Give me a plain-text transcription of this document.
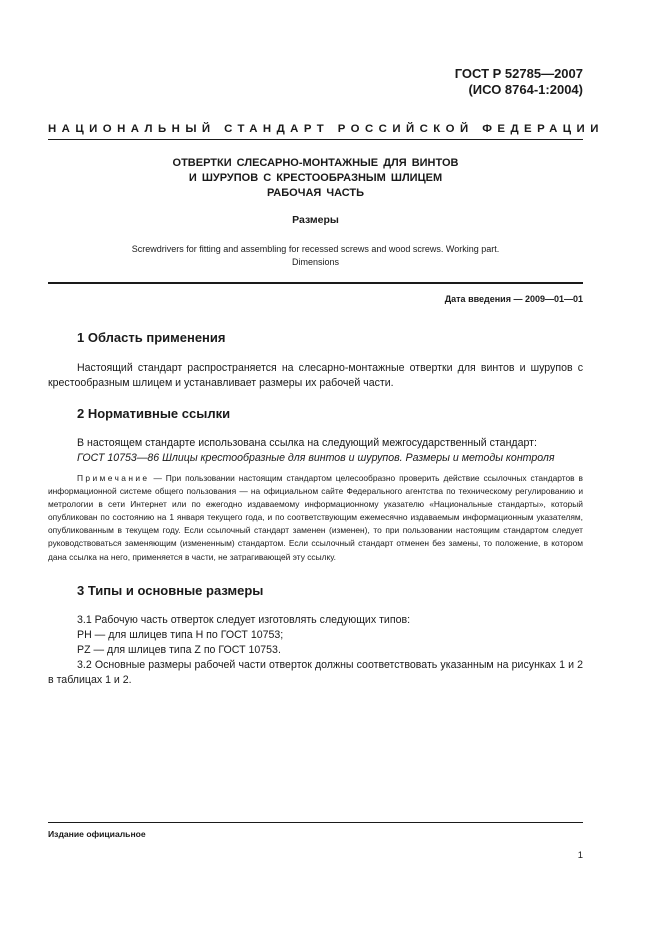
ГОСТ Р 52785—2007
(ИСО 8764-1:2004)
НАЦИОНАЛЬНЫЙ СТАНДАРТ РОССИЙСКОЙ ФЕДЕРАЦИИ
ОТВЕРТКИ СЛЕСАРНО-МОНТАЖНЫЕ ДЛЯ ВИНТОВ
И ШУРУПОВ С КРЕСТООБРАЗНЫМ ШЛИЦЕМ
РАБОЧАЯ ЧАСТЬ
Размеры
Screwdrivers for fitting and assembling for recessed screws and wood screws. Working part.
Dimensions
Дата введения — 2009—01—01
1 Область применения
Настоящий стандарт распространяется на слесарно-монтажные отвертки для винтов и шурупов с крестообразным шлицем и устанавливает размеры их рабочей части.
2 Нормативные ссылки
В настоящем стандарте использована ссылка на следующий межгосударственный стандарт:
ГОСТ 10753—86 Шлицы крестообразные для винтов и шурупов. Размеры и методы контроля
Примечание — При пользовании настоящим стандартом целесообразно проверить действие ссылочных стандартов в информационной системе общего пользования — на официальном сайте Федерального агентства по техническому регулированию и метрологии в сети Интернет или по ежегодно издаваемому информационному указателю «Национальные стандарты», который опубликован по состоянию на 1 января текущего года, и по соответствующим ежемесячно издаваемым информационным указателям, опубликованным в текущем году. Если ссылочный стандарт заменен (изменен), то при пользовании настоящим стандартом следует руководствоваться заменяющим (измененным) стандартом. Если ссылочный стандарт отменен без замены, то положение, в котором дана ссылка на него, применяется в части, не затрагивающей эту ссылку.
3 Типы и основные размеры
3.1 Рабочую часть отверток следует изготовлять следующих типов:
PH — для шлицев типа H по ГОСТ 10753;
PZ — для шлицев типа Z по ГОСТ 10753.
3.2 Основные размеры рабочей части отверток должны соответствовать указанным на рисунках 1 и 2 в таблицах 1 и 2.
Издание официальное
1
